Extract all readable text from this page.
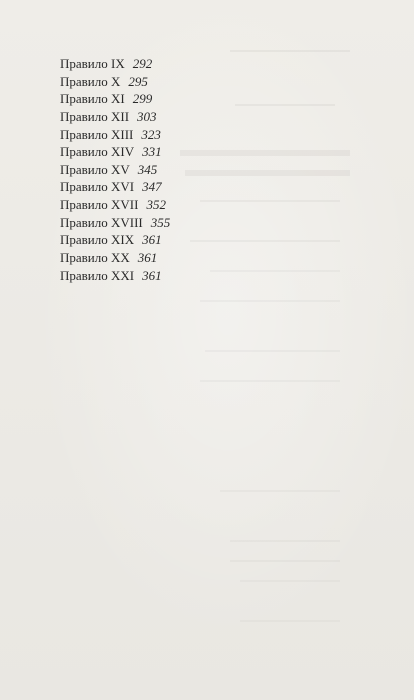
Правило IX 292
Правило X 295
Правило XI 299
Правило XII 303
Правило XIII 323
Правило XIV 331
Правило XV 345
Правило XVI 347
Правило XVII 352
Правило XVIII 355
Правило XIX 361
Правило XX 361
Правило XXI 361
